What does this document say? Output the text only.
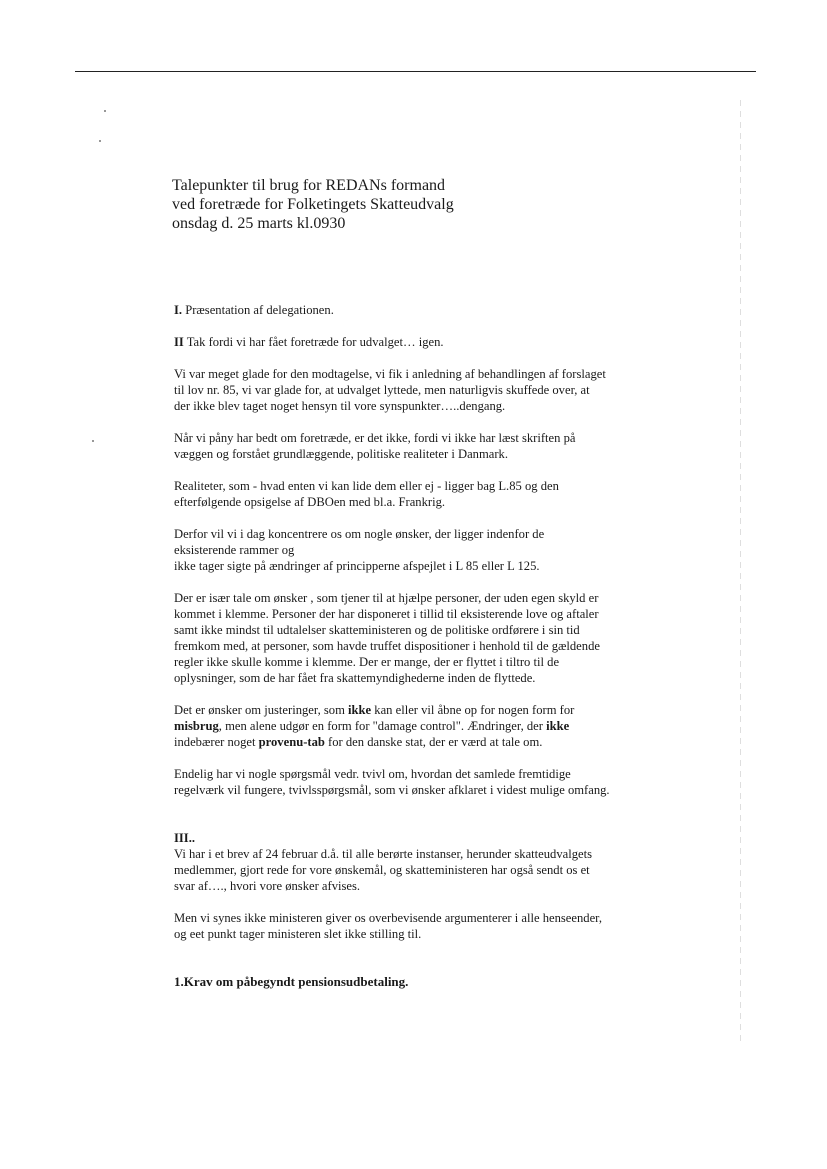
Talepunkter til brug for REDANs formand
ved foretræde for Folketingets Skatteudvalg
onsdag d. 25 marts kl.0930

I. Præsentation af delegationen.

II Tak fordi vi har fået foretræde for udvalget… igen.

Vi var meget glade for den modtagelse, vi fik i anledning af behandlingen af forslaget

til lov nr. 85, vi var glade for, at udvalget lyttede, men naturligvis skuffede over, at

der ikke blev taget noget hensyn til vore synspunkter…..dengang.

Når vi påny har bedt om foretræde, er det ikke, fordi vi ikke har læst skriften på

væggen og forstået grundlæggende, politiske realiteter i Danmark.

Realiteter, som - hvad enten vi kan lide dem eller ej - ligger bag L.85 og den

efterfølgende opsigelse af DBOen med bl.a. Frankrig.

Derfor vil vi i dag koncentrere os om nogle ønsker, der ligger indenfor de

eksisterende rammer og

ikke tager sigte på ændringer af principperne afspejlet i L 85 eller L 125.

Der er især tale om ønsker , som tjener til at hjælpe personer, der uden egen skyld er

kommet i klemme. Personer der har disponeret i tillid til eksisterende love og aftaler

samt ikke mindst til udtalelser skatteministeren og de politiske ordførere i sin tid

fremkom med, at personer, som havde truffet dispositioner i henhold til de gældende

regler ikke skulle komme i klemme. Der er mange, der er flyttet i tiltro til de

oplysninger, som de har fået fra skattemyndighederne inden de flyttede.

Det er ønsker om justeringer, som ikke kan eller vil åbne op for nogen form for

misbrug, men alene udgør en form for "damage control". Ændringer, der ikke

indebærer noget provenu-tab for den danske stat, der er værd at tale om.

Endelig har vi nogle spørgsmål vedr. tvivl om, hvordan det samlede fremtidige

regelværk vil fungere, tvivlsspørgsmål, som vi ønsker afklaret i videst mulige omfang.

III..

Vi har i et brev af 24 februar d.å. til alle berørte instanser, herunder skatteudvalgets

medlemmer, gjort rede for vore ønskemål, og skatteministeren har også sendt os et

svar af…., hvori vore ønsker afvises.

Men vi synes ikke ministeren giver os overbevisende argumenterer i alle henseender,

og eet punkt tager ministeren slet ikke stilling til.

1.Krav om påbegyndt pensionsudbetaling.
